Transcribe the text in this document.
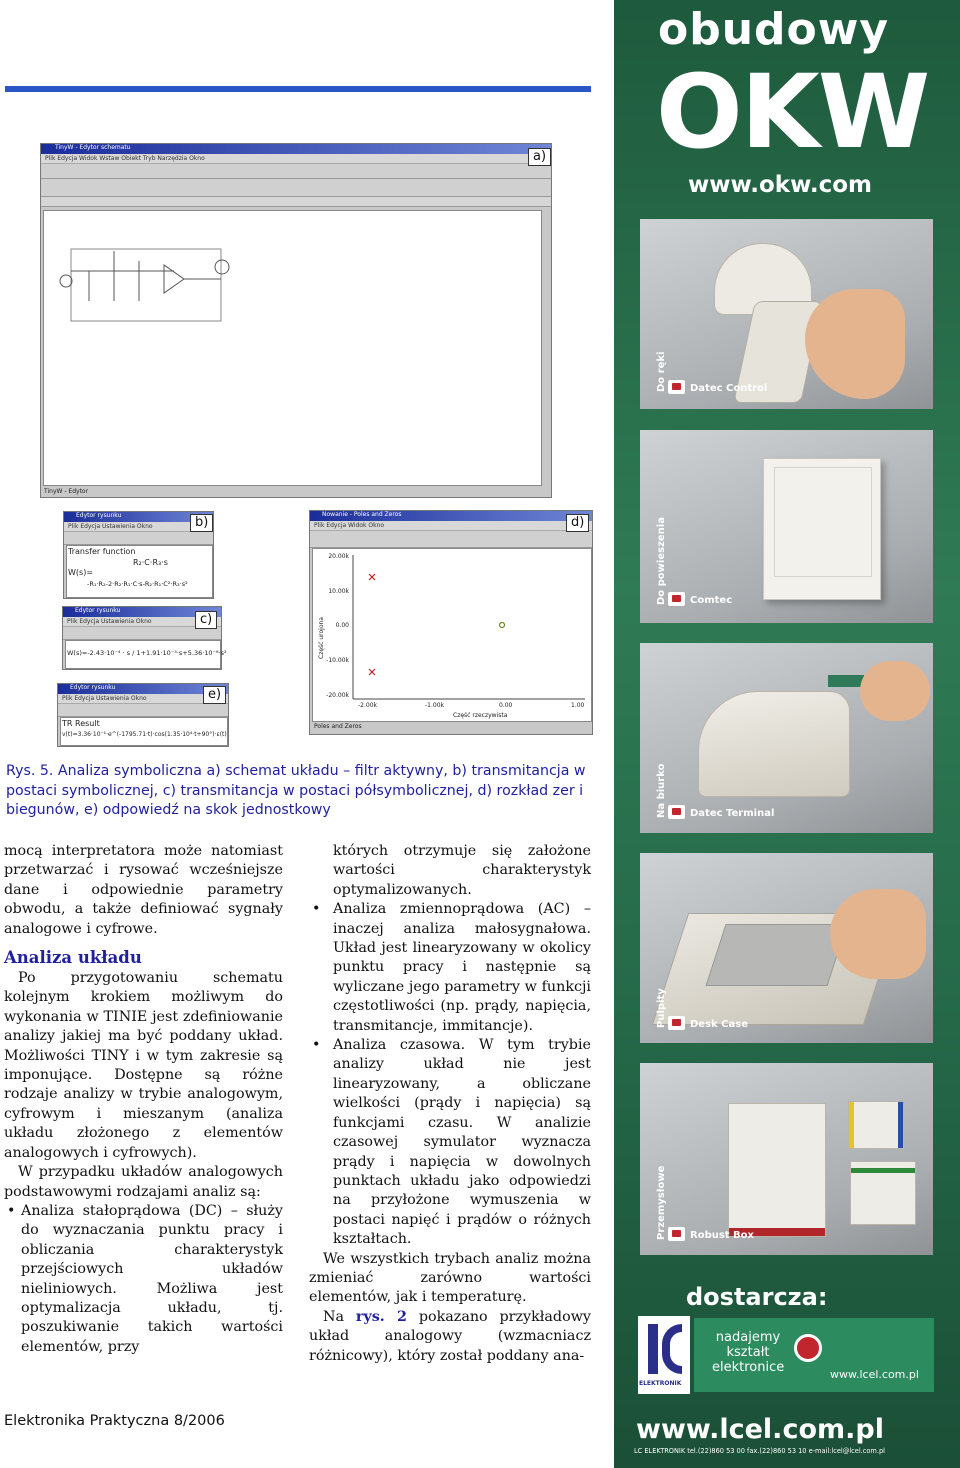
TinyW - Edytor schematu
Plik Edycja Widok Wstaw Obiekt Tryb Narzędzia Okno
TinyW - Edytor
a)
Edytor rysunku
Plik Edycja Ustawienia Okno
Transfer function
R₂·C·R₃·s
W(s)=
-R₁·R₂-2·R₂·R₁·C·s-R₂·R₁·C²·R₃·s²
b)
Edytor rysunku
Plik Edycja Ustawienia Okno
W(s)=-2.43·10⁻⁴ · s / 1+1.91·10⁻⁵·s+5.36·10⁻⁸·s²
c)
Edytor rysunku
Plik Edycja Ustawienia Okno
TR Result
v(t)=3.36·10⁻¹·e^(-1795.71·t)·cos(1.35·10⁴·t+90°)·ε(t)
e)
Nowanie - Poles and Zeros
Plik Edycja Widok Okno
20.00k
10.00k
0.00
-10.00k
-20.00k
-2.00k	-1.00k	0.00	1.00
Część rzeczywista
Część urojona
Poles and Zeros
d)
Rys. 5. Analiza symboliczna a) schemat układu – filtr aktywny, b) transmitancja w postaci symbolicznej, c) transmitancja w postaci półsymbolicznej, d) rozkład zer i biegunów, e) odpowiedź na skok jednostkowy

mocą interpretatora może natomiast przetwarzać i rysować wcześniejsze dane i odpowiednie parametry obwodu, a także definiować sygnały analogowe i cyfrowe.

Analiza układu

Po przygotowaniu schematu kolejnym krokiem możliwym do wykonania w TINIE jest zdefiniowanie analizy jakiej ma być poddany układ. Możliwości TINY i w tym zakresie są imponujące. Dostępne są różne rodzaje analizy w trybie analogowym, cyfrowym i mieszanym (analiza układu złożonego z elementów analogowych i cyfrowych).

W przypadku układów analogowych podstawowymi rodzajami analiz są:

• Analiza stałoprądowa (DC) – służy do wyznaczania punktu pracy i obliczania charakterystyk przejściowych układów nieliniowych. Możliwa jest optymalizacja układu, tj. poszukiwanie takich wartości elementów, przy

których otrzymuje się założone wartości charakterystyk optymalizowanych.

• Analiza zmiennoprądowa (AC) – inaczej analiza małosygnałowa. Układ jest linearyzowany w okolicy punktu pracy i następnie są wyliczane jego parametry w funkcji częstotliwości (np. prądy, napięcia, transmitancje, immitancje).
• Analiza czasowa. W tym trybie analizy układ nie jest linearyzowany, a obliczane wielkości (prądy i napięcia) są funkcjami czasu. W analizie czasowej symulator wyznacza prądy i napięcia w dowolnych punktach układu jako odpowiedzi na przyłożone wymuszenia w postaci napięć i prądów o różnych kształtach.

We wszystkich trybach analiz można zmieniać zarówno wartości elementów, jak i temperaturę.

Na rys. 2 pokazano przykładowy układ analogowy (wzmacniacz różnicowy), który został poddany ana-

Elektronika Praktyczna 8/2006
obudowy
OKW
www.okw.com
Do ręki Datec Control
Do powieszenia Comtec
Na biurko Datec Terminal
Pulpity Desk Case
Przemysłowe Robust Box
dostarcza:
ELEKTRONIK
nadajemy kształt elektronice	www.lcel.com.pl
www.lcel.com.pl
LC ELEKTRONIK tel.(22)860 53 00 fax.(22)860 53 10 e-mail:lcel@lcel.com.pl
